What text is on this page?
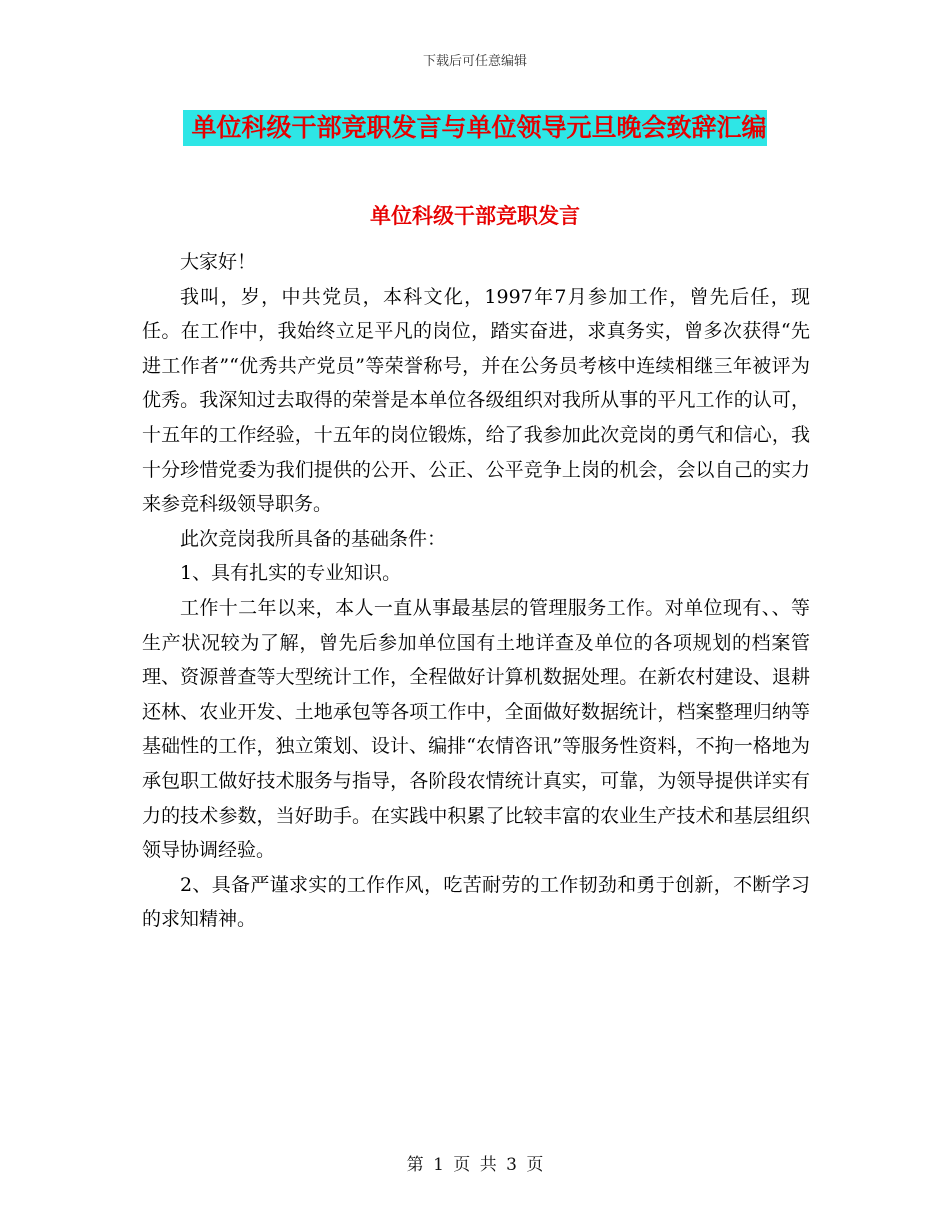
下载后可任意编辑
单位科级干部竞职发言与单位领导元旦晚会致辞汇编
单位科级干部竞职发言

大家好！

我叫，岁，中共党员，本科文化，1997年7月参加工作，曾先后任，现任。在工作中，我始终立足平凡的岗位，踏实奋进，求真务实，曾多次获得“先进工作者”“优秀共产党员”等荣誉称号，并在公务员考核中连续相继三年被评为优秀。我深知过去取得的荣誉是本单位各级组织对我所从事的平凡工作的认可，十五年的工作经验，十五年的岗位锻炼，给了我参加此次竞岗的勇气和信心，我十分珍惜党委为我们提供的公开、公正、公平竞争上岗的机会，会以自己的实力来参竞科级领导职务。

此次竞岗我所具备的基础条件：

1、具有扎实的专业知识。

工作十二年以来，本人一直从事最基层的管理服务工作。对单位现有、、等生产状况较为了解，曾先后参加单位国有土地详查及单位的各项规划的档案管理、资源普查等大型统计工作，全程做好计算机数据处理。在新农村建设、退耕还林、农业开发、土地承包等各项工作中，全面做好数据统计，档案整理归纳等基础性的工作，独立策划、设计、编排“农情咨讯”等服务性资料，不拘一格地为承包职工做好技术服务与指导，各阶段农情统计真实，可靠，为领导提供详实有力的技术参数，当好助手。在实践中积累了比较丰富的农业生产技术和基层组织领导协调经验。

2、具备严谨求实的工作作风，吃苦耐劳的工作韧劲和勇于创新，不断学习的求知精神。

第 1 页 共 3 页
